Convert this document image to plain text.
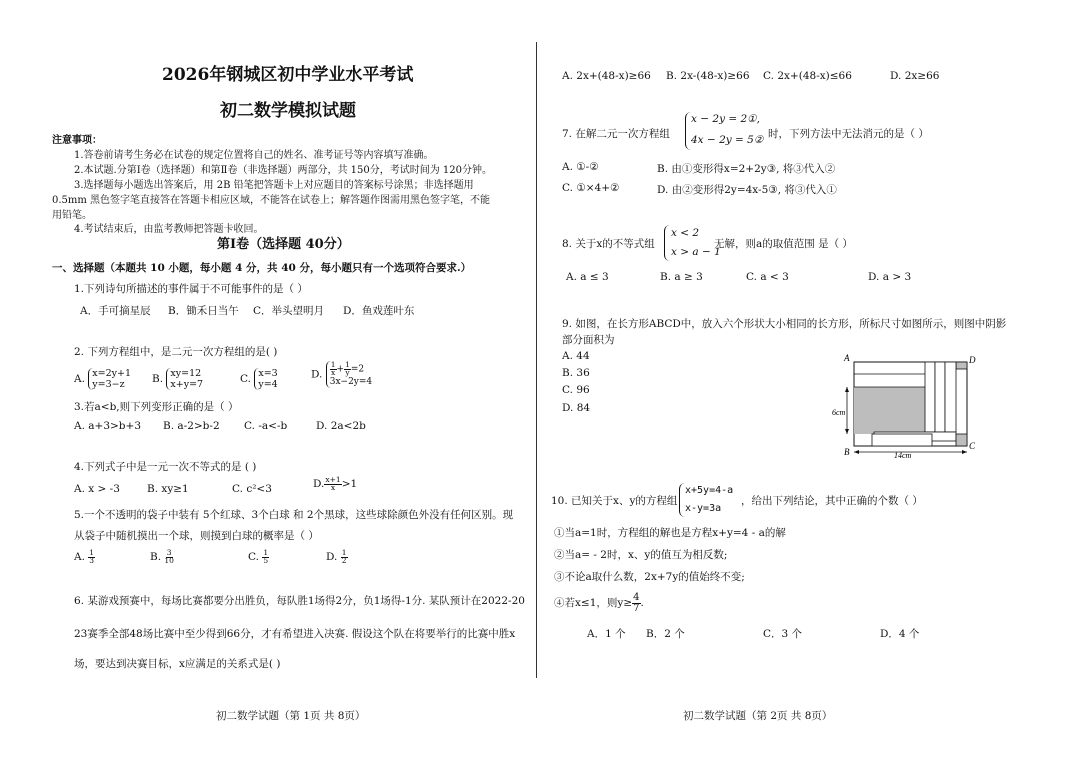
2026年钢城区初中学业水平考试
初二数学模拟试题
注意事项：
1.答卷前请考生务必在试卷的规定位置将自己的姓名、准考证号等内容填写准确。
2.本试题.分第Ⅰ卷（选择题）和第Ⅱ卷（非选择题）两部分，共 150分，考试时间为 120分钟。
3.选择题每小题选出答案后，用 2B 铅笔把答题卡上对应题目的答案标号涂黑；非选择题用
0.5mm 黑色签字笔直接答在答题卡相应区域，不能答在试卷上；解答题作图需用黑色签字笔，不能
用铅笔。
4.考试结束后，由监考教师把答题卡收回。
第Ⅰ卷（选择题 40分）
一、选择题（本题共 10 小题，每小题 4 分，共 40 分，每小题只有一个选项符合要求.）
1.下列诗句所描述的事件属于不可能事件的是（ ）
A．手可摘星辰 B．锄禾日当午 C．举头望明月 D．鱼戏莲叶东
2. 下列方程组中，是二元一次方程组的是( )
A. x=2y+1
y=3−z	B. xy=12
x+y=7	C. x=3
y=4
D. $\frac{1}{x}+\frac{1}{y}=2$
3x−2y=4
3.若a<b,则下列变形正确的是（ ）
A. a+3>b+3 B. a-2>b-2 C. -a<-b	D. 2a<2b
4.下列式子中是一元一次不等式的是 ( )
A. x > -3	B. xy≥1	C. c²<3	$D.\frac{x+1}{x}>1$
5.一个不透明的袋子中装有 5个红球、3个白球 和 2个黑球，这些球除颜色外没有任何区别。现
从袋子中随机摸出一个球，则摸到白球的概率是（ ）
A. $\frac{1}{3}$	B. $\frac{3}{10}$	C. $\frac{1}{5}$	D. $\frac{1}{2}$
6. 某游戏预赛中，每场比赛都要分出胜负，每队胜1场得2分，负1场得-1分. 某队预计在2022-20
23赛季全部48场比赛中至少得到66分，才有希望进入决赛. 假设这个队在将要举行的比赛中胜x
场，要达到决赛目标，x应满足的关系式是( )
初二数学试题（第 1页 共 8页）
A. 2x+(48-x)≥66 B. 2x-(48-x)≥66 C. 2x+(48-x)≤66	D. 2x≥66
7. 在解二元一次方程组
x − 2y = 2①,
4x − 2y = 5② 时，下列方法中无法消元的是（ ）
A. ①-②	B. 由①变形得x=2+2y③, 将③代入②
C. ①×4+②	D. 由②变形得2y=4x-5③, 将③代入①
8. 关于x的不等式组
x < 2
x > a − 1
无解，则a的取值范围 是（ ）
A. a ≤ 3	B. a ≥ 3	C. a < 3	D. a > 3
9. 如图，在长方形ABCD中，放入六个形状大小相同的长方形，所标尺寸如图所示，则图中阴影
部分面积为
A. 44
B. 36
C. 96
D. 84
A	D
B
C
6cm
14cm
10. 已知关于x、y的方程组
x+5y=4-a
x-y=3a
，给出下列结论，其中正确的个数（ ）
①当a=1时，方程组的解也是方程x+y=4 - a的解
②当a= - 2时，x、y的值互为相反数;
③不论a取什么数，2x+7y的值始终不变;
④若x≤1，则$y\ge\frac{4}{7}$.
A．1 个 B．2 个	C．3 个	D．4 个
初二数学试题（第 2页 共 8页）
